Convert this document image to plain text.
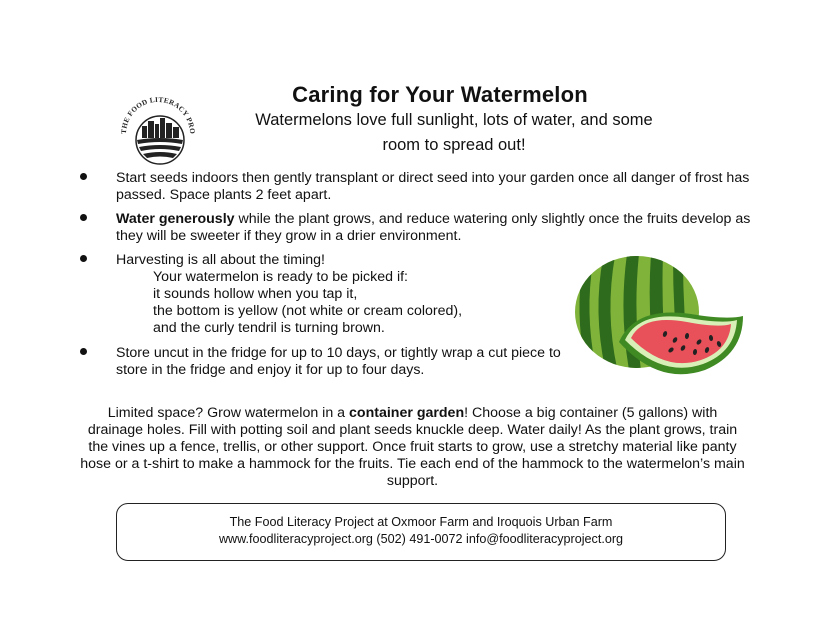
THE FOOD LITERACY PRO
Caring for Your Watermelon
Watermelons love full sunlight, lots of water, and some
room to spread out!
Start seeds indoors then gently transplant or direct seed into your garden once all danger of frost has passed. Space plants 2 feet apart.
Water generously while the plant grows, and reduce watering only slightly once the fruits develop as they will be sweeter if they grow in a drier environment.
Harvesting is all about the timing!
Your watermelon is ready to be picked if:
it sounds hollow when you tap it,
the bottom is yellow (not white or cream colored),
and the curly tendril is turning brown.
Store uncut in the fridge for up to 10 days, or tightly wrap a cut piece to store in the fridge and enjoy it for up to four days.
Limited space? Grow watermelon in a container garden! Choose a big container (5 gallons) with drainage holes. Fill with potting soil and plant seeds knuckle deep. Water daily! As the plant grows, train the vines up a fence, trellis, or other support. Once fruit starts to grow, use a stretchy material like panty hose or a t-shirt to make a hammock for the fruits. Tie each end of the hammock to the watermelon’s main support.
The Food Literacy Project at Oxmoor Farm and Iroquois Urban Farm
www.foodliteracyproject.org (502) 491-0072 info@foodliteracyproject.org
